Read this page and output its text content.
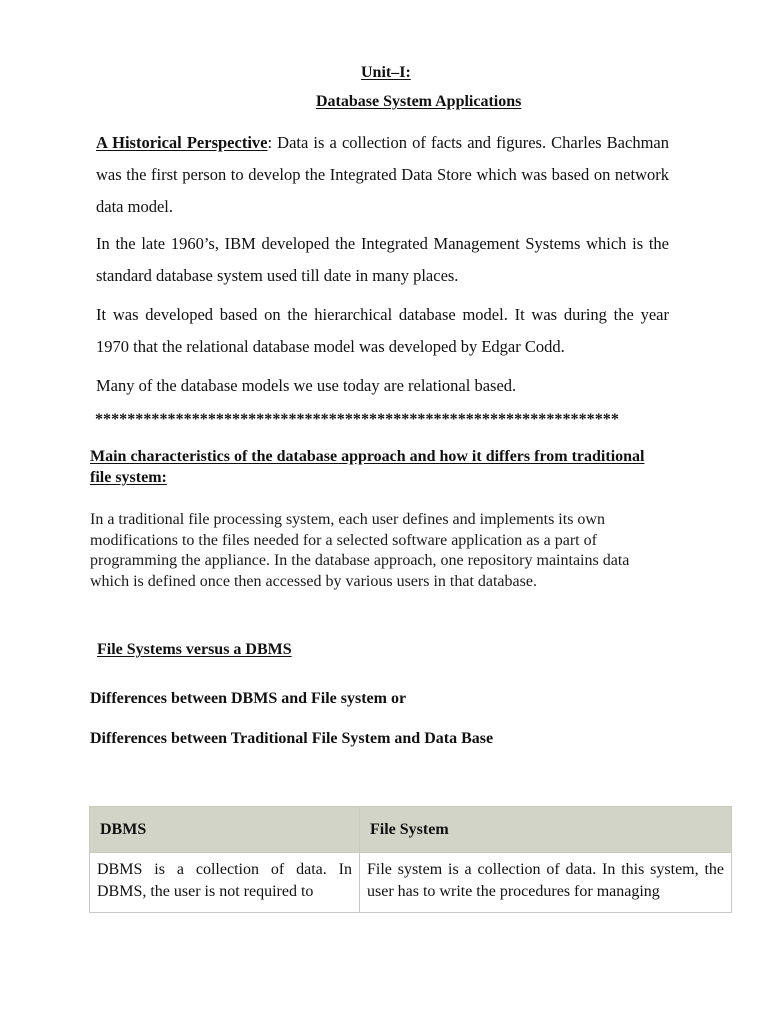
Unit–I:
Database System Applications
A Historical Perspective: Data is a collection of facts and figures. Charles Bachman was the first person to develop the Integrated Data Store which was based on network data model.
In the late 1960’s, IBM developed the Integrated Management Systems which is the standard database system used till date in many places.
It was developed based on the hierarchical database model. It was during the year 1970 that the relational database model was developed by Edgar Codd.
Many of the database models we use today are relational based.
*****************************************************************
Main characteristics of the database approach and how it differs from traditional file system:
In a traditional file processing system, each user defines and implements its own modifications to the files needed for a selected software application as a part of programming the appliance. In the database approach, one repository maintains data which is defined once then accessed by various users in that database.
File Systems versus a DBMS
Differences between DBMS and File system or
Differences between Traditional File System and Data Base
DBMS	File System

DBMS is a collection of data. In DBMS, the user is not required to	File system is a collection of data. In this system, the user has to write the procedures for managing
